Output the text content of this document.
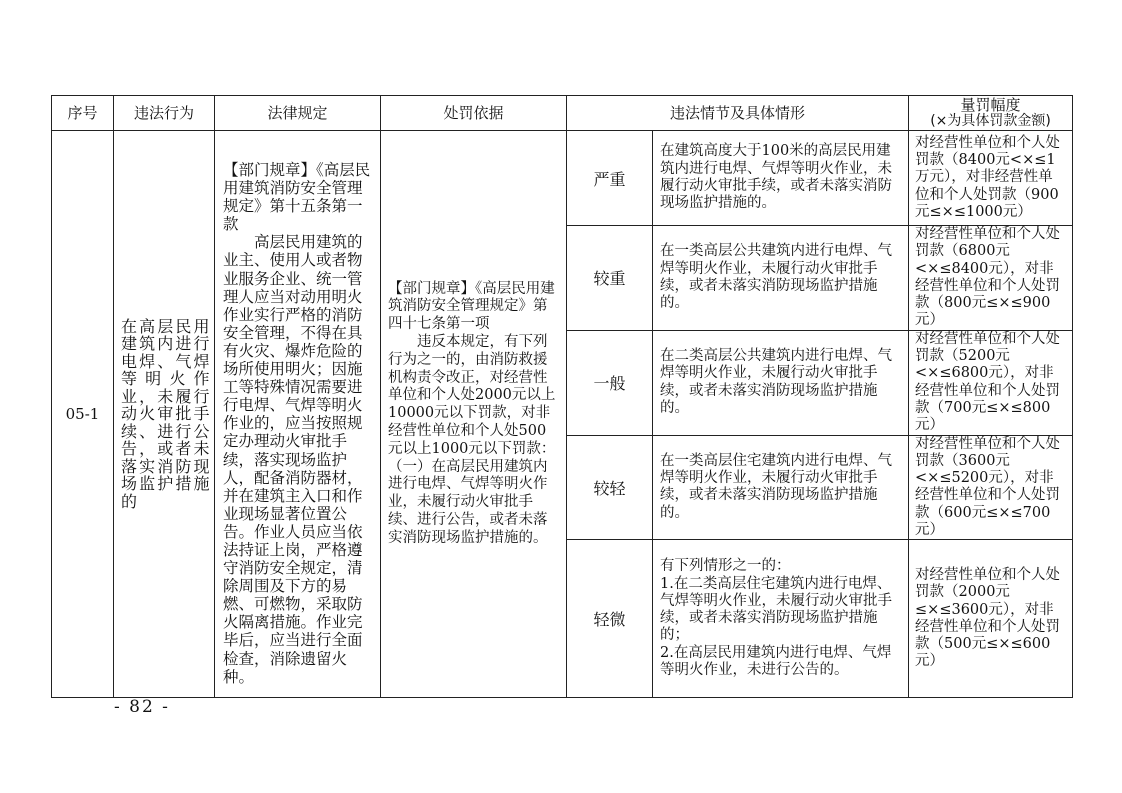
序号	违法行为	法律规定	处罚依据	违法情节及具体情形		量罚幅度
(×为具体罚款金额)

05-1	在高层民用建筑内进行电焊、气焊等明火作业，未履行动火审批手续、进行公告，或者未落实消防现场监护措施的	【部门规章】《高层民用建筑消防安全管理规定》第十五条第一款
高层民用建筑的业主、使用人或者物业服务企业、统一管理人应当对动用明火作业实行严格的消防安全管理，不得在具有火灾、爆炸危险的场所使用明火；因施工等特殊情况需要进行电焊、气焊等明火作业的，应当按照规定办理动火审批手续，落实现场监护人，配备消防器材，并在建筑主入口和作业现场显著位置公告。作业人员应当依法持证上岗，严格遵守消防安全规定，清除周围及下方的易燃、可燃物，采取防火隔离措施。作业完毕后，应当进行全面检查，消除遗留火种。	【部门规章】《高层民用建筑消防安全管理规定》第四十七条第一项
违反本规定，有下列行为之一的，由消防救援机构责令改正，对经营性单位和个人处2000元以上10000元以下罚款，对非经营性单位和个人处500元以上1000元以下罚款：（一）在高层民用建筑内进行电焊、气焊等明火作业，未履行动火审批手续、进行公告，或者未落实消防现场监护措施的。	严重	在建筑高度大于100米的高层民用建筑内进行电焊、气焊等明火作业，未履行动火审批手续，或者未落实消防现场监护措施的。	对经营性单位和个人处罚款（8400元<×≤1万元），对非经营性单位和个人处罚款（900元≤×≤1000元）
				较重	在一类高层公共建筑内进行电焊、气焊等明火作业，未履行动火审批手续，或者未落实消防现场监护措施的。	对经营性单位和个人处罚款（6800元<×≤8400元），对非经营性单位和个人处罚款（800元≤×≤900元）
				一般	在二类高层公共建筑内进行电焊、气焊等明火作业，未履行动火审批手续，或者未落实消防现场监护措施的。	对经营性单位和个人处罚款（5200元<×≤6800元），对非经营性单位和个人处罚款（700元≤×≤800元）
				较轻	在一类高层住宅建筑内进行电焊、气焊等明火作业，未履行动火审批手续，或者未落实消防现场监护措施的。	对经营性单位和个人处罚款（3600元<×≤5200元），对非经营性单位和个人处罚款（600元≤×≤700元）
				轻微	有下列情形之一的：
1.在二类高层住宅建筑内进行电焊、气焊等明火作业，未履行动火审批手续，或者未落实消防现场监护措施的；
2.在高层民用建筑内进行电焊、气焊等明火作业，未进行公告的。	对经营性单位和个人处罚款（2000元≤×≤3600元），对非经营性单位和个人处罚款（500元≤×≤600元）
- 82 -
